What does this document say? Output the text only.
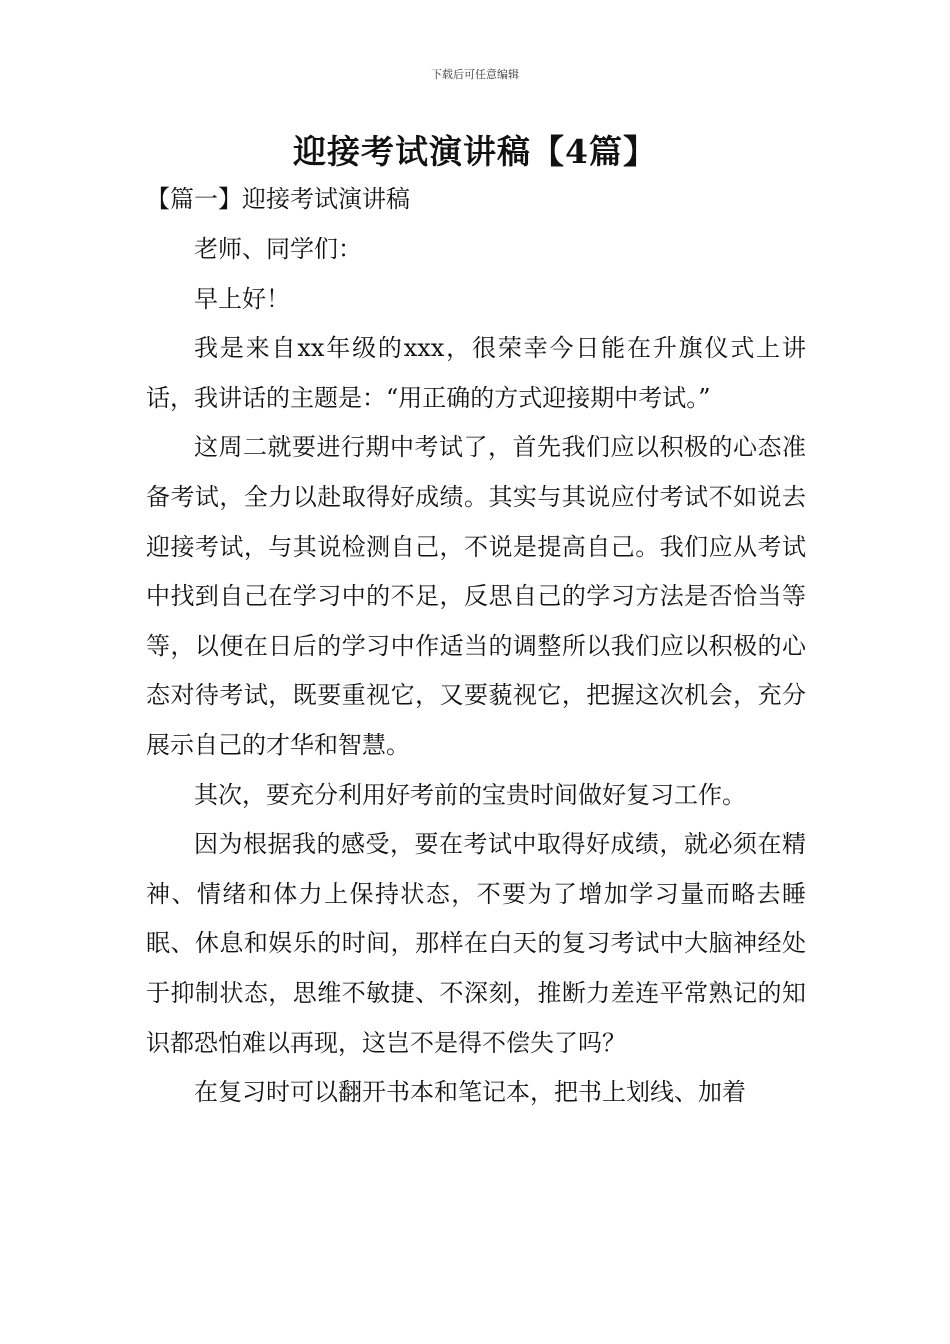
下载后可任意编辑
迎接考试演讲稿【4篇】
【篇一】迎接考试演讲稿

老师、同学们：

早上好！

我是来自xx年级的xxx，很荣幸今日能在升旗仪式上讲话，我讲话的主题是：“用正确的方式迎接期中考试。”

这周二就要进行期中考试了，首先我们应以积极的心态准备考试，全力以赴取得好成绩。其实与其说应付考试不如说去迎接考试，与其说检测自己，不说是提高自己。我们应从考试中找到自己在学习中的不足，反思自己的学习方法是否恰当等等，以便在日后的学习中作适当的调整所以我们应以积极的心态对待考试，既要重视它，又要藐视它，把握这次机会，充分展示自己的才华和智慧。

其次，要充分利用好考前的宝贵时间做好复习工作。

因为根据我的感受，要在考试中取得好成绩，就必须在精神、情绪和体力上保持状态，不要为了增加学习量而略去睡眠、休息和娱乐的时间，那样在白天的复习考试中大脑神经处于抑制状态，思维不敏捷、不深刻，推断力差连平常熟记的知识都恐怕难以再现，这岂不是得不偿失了吗？

在复习时可以翻开书本和笔记本，把书上划线、加着
